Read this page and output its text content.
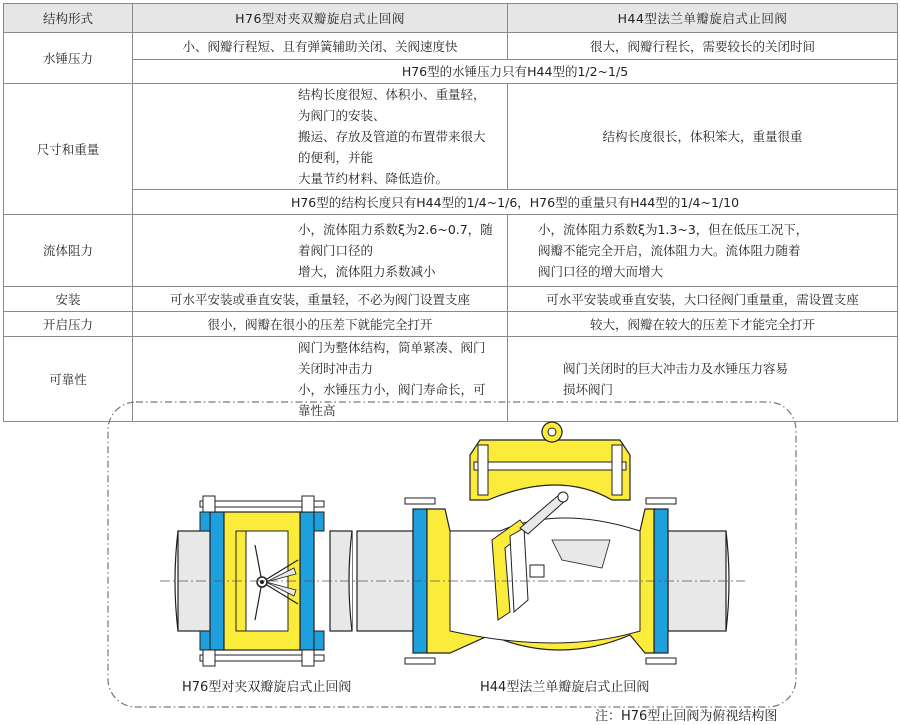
结构形式	H76型对夹双瓣旋启式止回阀	H44型法兰单瓣旋启式止回阀
水锤压力	小、阀瓣行程短、且有弹簧辅助关闭、关阀速度快	很大，阀瓣行程长，需要较长的关闭时间
	H76型的水锤压力只有H44型的1/2~1/5	
尺寸和重量	结构长度很短、体积小、重量轻，为阀门的安装、
搬运、存放及管道的布置带来很大的便利，并能
大量节约材料、降低造价。	结构长度很长，体积笨大，重量很重
	H76型的结构长度只有H44型的1/4~1/6，H76型的重量只有H44型的1/4~1/10	
流体阻力	小，流体阻力系数ξ为2.6~0.7，随着阀门口径的
增大，流体阻力系数减小	小，流体阻力系数ξ为1.3~3，但在低压工况下，
阀瓣不能完全开启，流体阻力大。流体阻力随着
阀门口径的增大而增大

安装	可水平安装或垂直安装，重量轻，不必为阀门设置支座	可水平安装或垂直安装，大口径阀门重量重，需设置支座
开启压力	很小，阀瓣在很小的压差下就能完全打开	较大，阀瓣在较大的压差下才能完全打开
可靠性	阀门为整体结构，简单紧凑、阀门关闭时冲击力
小，水锤压力小，阀门寿命长，可靠性高	阀门关闭时的巨大冲击力及水锤压力容易
损坏阀门
H76型对夹双瓣旋启式止回阀	H44型法兰单瓣旋启式止回阀
注：H76型止回阀为俯视结构图
